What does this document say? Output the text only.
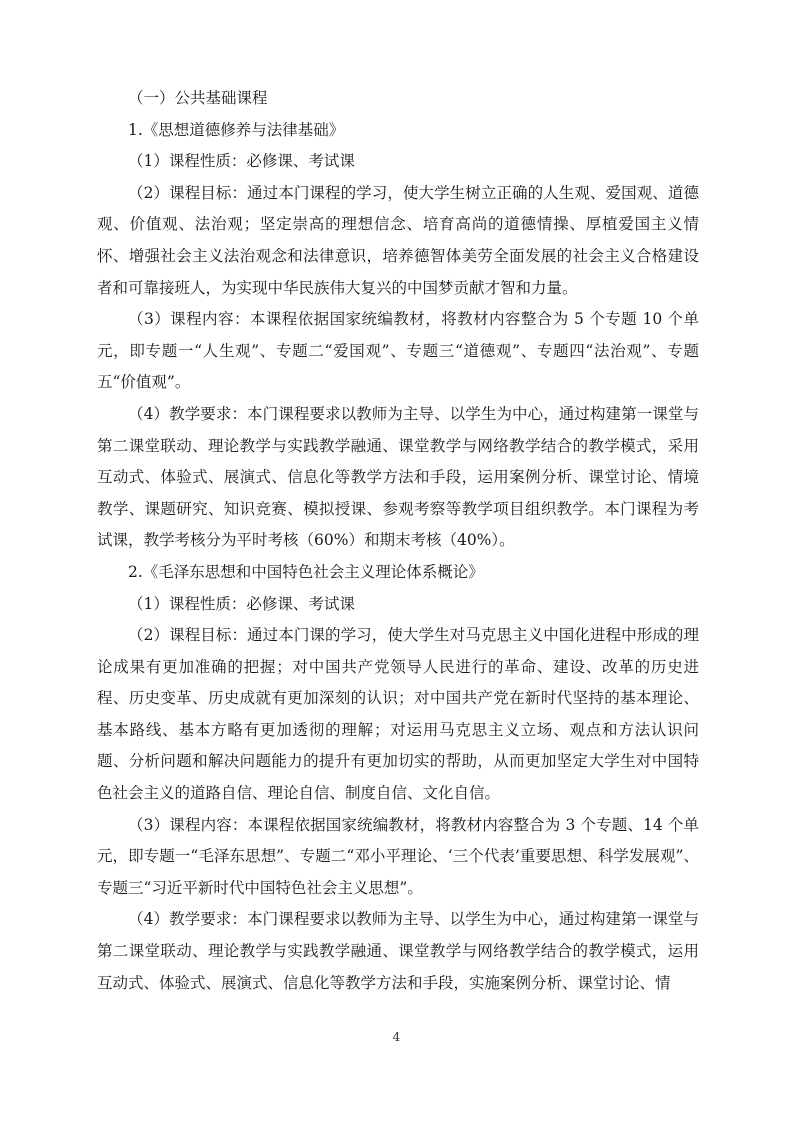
（一）公共基础课程

1.《思想道德修养与法律基础》

（1）课程性质：必修课、考试课

（2）课程目标：通过本门课程的学习，使大学生树立正确的人生观、爱国观、道德观、价值观、法治观；坚定崇高的理想信念、培育高尚的道德情操、厚植爱国主义情怀、增强社会主义法治观念和法律意识，培养德智体美劳全面发展的社会主义合格建设者和可靠接班人，为实现中华民族伟大复兴的中国梦贡献才智和力量。

（3）课程内容：本课程依据国家统编教材，将教材内容整合为 5 个专题 10 个单元，即专题一“人生观”、专题二“爱国观”、专题三“道德观”、专题四“法治观”、专题五“价值观”。

（4）教学要求：本门课程要求以教师为主导、以学生为中心，通过构建第一课堂与第二课堂联动、理论教学与实践教学融通、课堂教学与网络教学结合的教学模式，采用互动式、体验式、展演式、信息化等教学方法和手段，运用案例分析、课堂讨论、情境教学、课题研究、知识竞赛、模拟授课、参观考察等教学项目组织教学。本门课程为考试课，教学考核分为平时考核（60%）和期末考核（40%）。

2.《毛泽东思想和中国特色社会主义理论体系概论》

（1）课程性质：必修课、考试课

（2）课程目标：通过本门课的学习，使大学生对马克思主义中国化进程中形成的理论成果有更加准确的把握；对中国共产党领导人民进行的革命、建设、改革的历史进程、历史变革、历史成就有更加深刻的认识；对中国共产党在新时代坚持的基本理论、基本路线、基本方略有更加透彻的理解；对运用马克思主义立场、观点和方法认识问题、分析问题和解决问题能力的提升有更加切实的帮助，从而更加坚定大学生对中国特色社会主义的道路自信、理论自信、制度自信、文化自信。

（3）课程内容：本课程依据国家统编教材，将教材内容整合为 3 个专题、14 个单元，即专题一“毛泽东思想”、专题二“邓小平理论、‘三个代表’重要思想、科学发展观”、专题三“习近平新时代中国特色社会主义思想”。

（4）教学要求：本门课程要求以教师为主导、以学生为中心，通过构建第一课堂与第二课堂联动、理论教学与实践教学融通、课堂教学与网络教学结合的教学模式，运用互动式、体验式、展演式、信息化等教学方法和手段，实施案例分析、课堂讨论、情

4
